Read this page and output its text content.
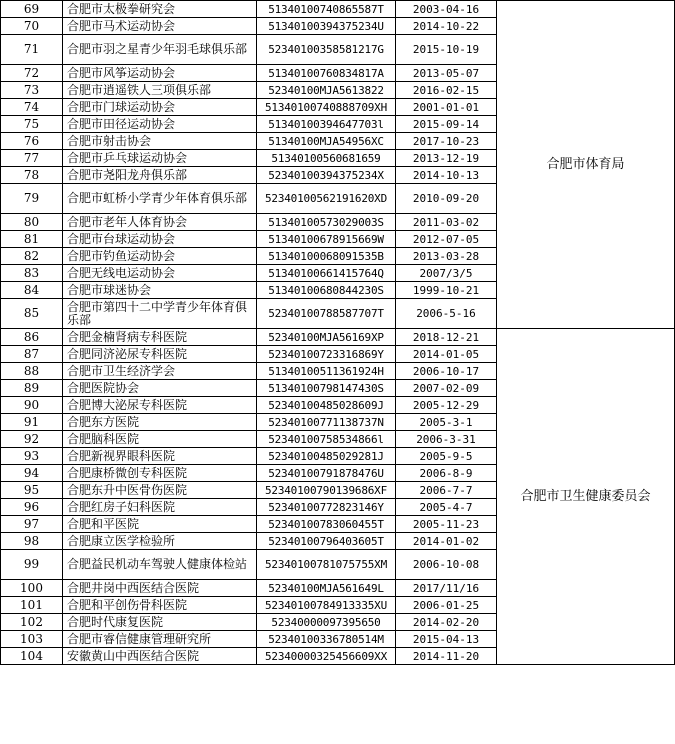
69	合肥市太极拳研究会	51340100740865587T	2003-04-16	合肥市体育局
70	合肥市马术运动协会	51340100394375234U	2014-10-22	
71	合肥市羽之星青少年羽毛球俱乐部	52340100358581217G	2015-10-19	
72	合肥市风筝运动协会	51340100760834817A	2013-05-07	
73	合肥市逍遥铁人三项俱乐部	52340100MJA5613822	2016-02-15	
74	合肥市门球运动协会	51340100740888709XH	2001-01-01	
75	合肥市田径运动协会	51340100394647703l	2015-09-14	
76	合肥市射击协会	51340100MJA54956XC	2017-10-23	
77	合肥市乒乓球运动协会	51340100560681659	2013-12-19	
78	合肥市尧阳龙舟俱乐部	52340100394375234X	2014-10-13	
79	合肥市虹桥小学青少年体育俱乐部	52340100562191620XD	2010-09-20	
80	合肥市老年人体育协会	51340100573029003S	2011-03-02	
81	合肥市台球运动协会	51340100678915669W	2012-07-05	
82	合肥市钓鱼运动协会	51340100068091535B	2013-03-28	
83	合肥无线电运动协会	51340100661415764Q	2007/3/5	
84	合肥市球迷协会	51340100680844230S	1999-10-21	
85	合肥市第四十二中学青少年体育俱乐部	52340100788587707T	2006-5-16	
86	合肥金楠肾病专科医院	52340100MJA56169XP	2018-12-21	合肥市卫生健康委员会
87	合肥同济泌尿专科医院	52340100723316869Y	2014-01-05	
88	合肥市卫生经济学会	51340100511361924H	2006-10-17	
89	合肥医院协会	51340100798147430S	2007-02-09	
90	合肥博大泌尿专科医院	52340100485028609J	2005-12-29	
91	合肥东方医院	52340100771138737N	2005-3-1	
92	合肥脑科医院	52340100758534866l	2006-3-31	
93	合肥新视界眼科医院	52340100485029281J	2005-9-5	
94	合肥康桥微创专科医院	52340100791878476U	2006-8-9	
95	合肥东升中医骨伤医院	52340100790139686XF	2006-7-7	
96	合肥红房子妇科医院	52340100772823146Y	2005-4-7	
97	合肥和平医院	52340100783060455T	2005-11-23	
98	合肥康立医学检验所	52340100796403605T	2014-01-02	
99	合肥益民机动车驾驶人健康体检站	52340100781075755XM	2006-10-08	
100	合肥井岗中西医结合医院	52340100MJA561649L	2017/11/16	
101	合肥和平创伤骨科医院	52340100784913335XU	2006-01-25	
102	合肥时代康复医院	52340000097395650	2014-02-20	
103	合肥市睿信健康管理研究所	52340100336780514M	2015-04-13	
104	安徽黄山中西医结合医院	52340000325456609XX	2014-11-20	
